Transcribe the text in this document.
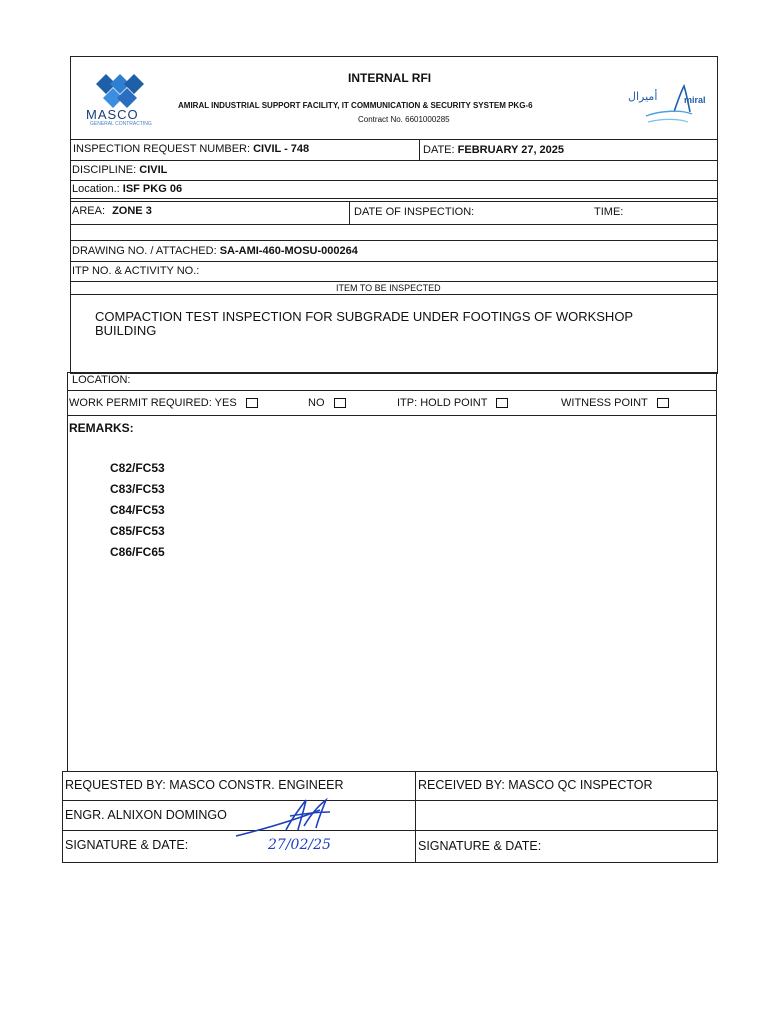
MASCO
GENERAL CONTRACTING
INTERNAL RFI
AMIRAL INDUSTRIAL SUPPORT FACILITY, IT COMMUNICATION & SECURITY SYSTEM PKG-6
Contract No. 6601000285
أميرال	miral
INSPECTION REQUEST NUMBER: CIVIL - 748	DATE: FEBRUARY 27, 2025
DISCIPLINE: CIVIL
Location.: ISF PKG 06
AREA: ZONE 3	DATE OF INSPECTION:	TIME:
DRAWING NO. / ATTACHED: SA-AMI-460-MOSU-000264
ITP NO. & ACTIVITY NO.:
ITEM TO BE INSPECTED
COMPACTION TEST INSPECTION FOR SUBGRADE UNDER FOOTINGS OF WORKSHOP
BUILDING
LOCATION:
WORK PERMIT REQUIRED: YES	NO	ITP: HOLD POINT	WITNESS POINT
REMARKS:
C82/FC53
C83/FC53
C84/FC53
C85/FC53
C86/FC65
REQUESTED BY: MASCO CONSTR. ENGINEER	RECEIVED BY: MASCO QC INSPECTOR
ENGR. ALNIXON DOMINGO
SIGNATURE & DATE:	SIGNATURE & DATE:
27/02/25
